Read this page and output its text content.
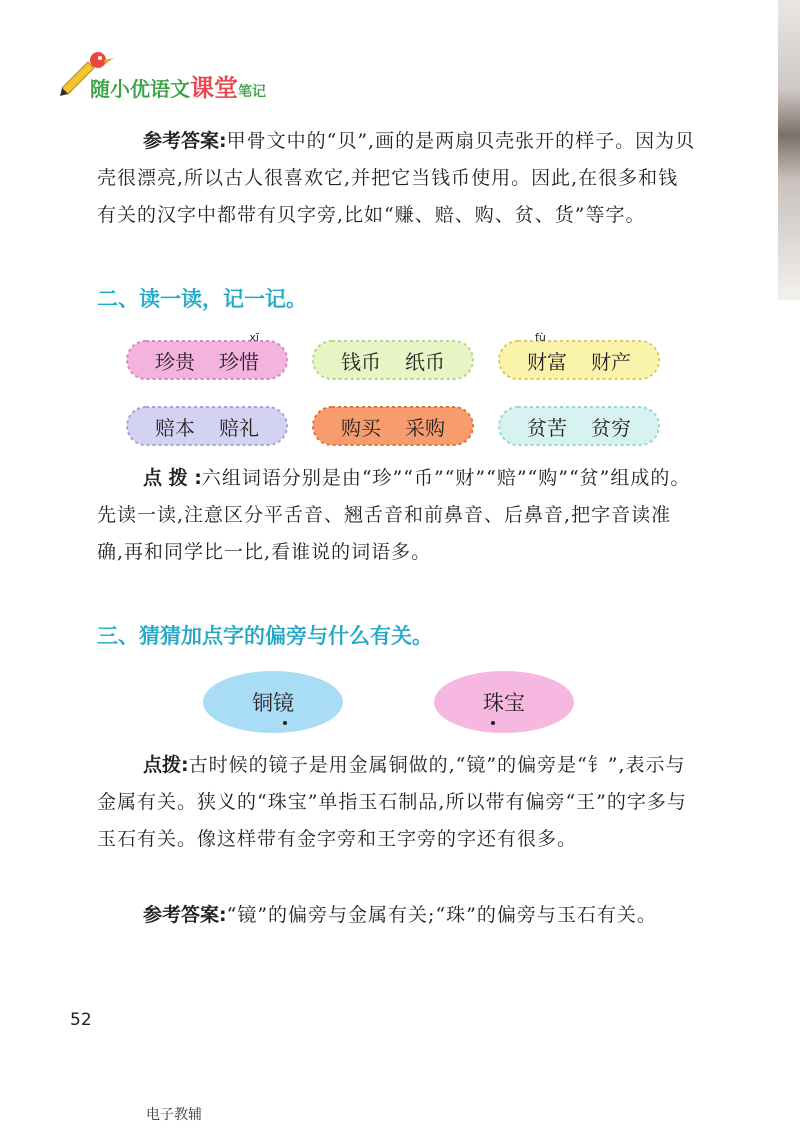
随小优语文课堂笔记
参考答案:甲骨文中的“贝”,画的是两扇贝壳张开的样子。因为贝壳很漂亮,所以古人很喜欢它,并把它当钱币使用。因此,在很多和钱有关的汉字中都带有贝字旁,比如“赚、赔、购、贫、货”等字。
二、读一读，记一记。
珍贵
xī
珍惜	钱币 纸币
fù
财富 财产
赔本 赔礼	购买 采购	贫苦 贫穷
点 拨 :六组词语分别是由“珍”“币”“财”“赔”“购”“贫”组成的。先读一读,注意区分平舌音、翘舌音和前鼻音、后鼻音,把字音读准确,再和同学比一比,看谁说的词语多。
三、猜猜加点字的偏旁与什么有关。
铜镜	珠宝
点拨:古时候的镜子是用金属铜做的,“镜”的偏旁是“钅”,表示与金属有关。狭义的“珠宝”单指玉石制品,所以带有偏旁“王”的字多与玉石有关。像这样带有金字旁和王字旁的字还有很多。
参考答案:“镜”的偏旁与金属有关;“珠”的偏旁与玉石有关。
52
电子教辅
